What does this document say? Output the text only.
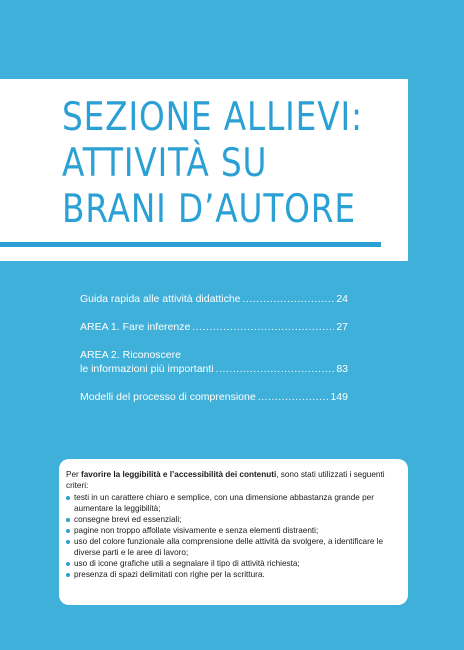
SEZIONE ALLIEVI:
ATTIVITÀ SU
BRANI D’AUTORE
Guida rapida alle attività didattiche .....	24
AREA 1. Fare inferenze .....	27
AREA 2. Riconoscere
le informazioni più importanti .....	83
Modelli del processo di comprensione .....	149
Per favorire la leggibilità e l’accessibilità dei contenuti, sono stati utilizzati i seguenti criteri:
testi in un carattere chiaro e semplice, con una dimensione abbastanza grande per aumentare la leggibilità;
consegne brevi ed essenziali;
pagine non troppo affollate visivamente e senza elementi distraenti;
uso del colore funzionale alla comprensione delle attività da svolgere, a identificare le diverse parti e le aree di lavoro;
uso di icone grafiche utili a segnalare il tipo di attività richiesta;
presenza di spazi delimitati con righe per la scrittura.
